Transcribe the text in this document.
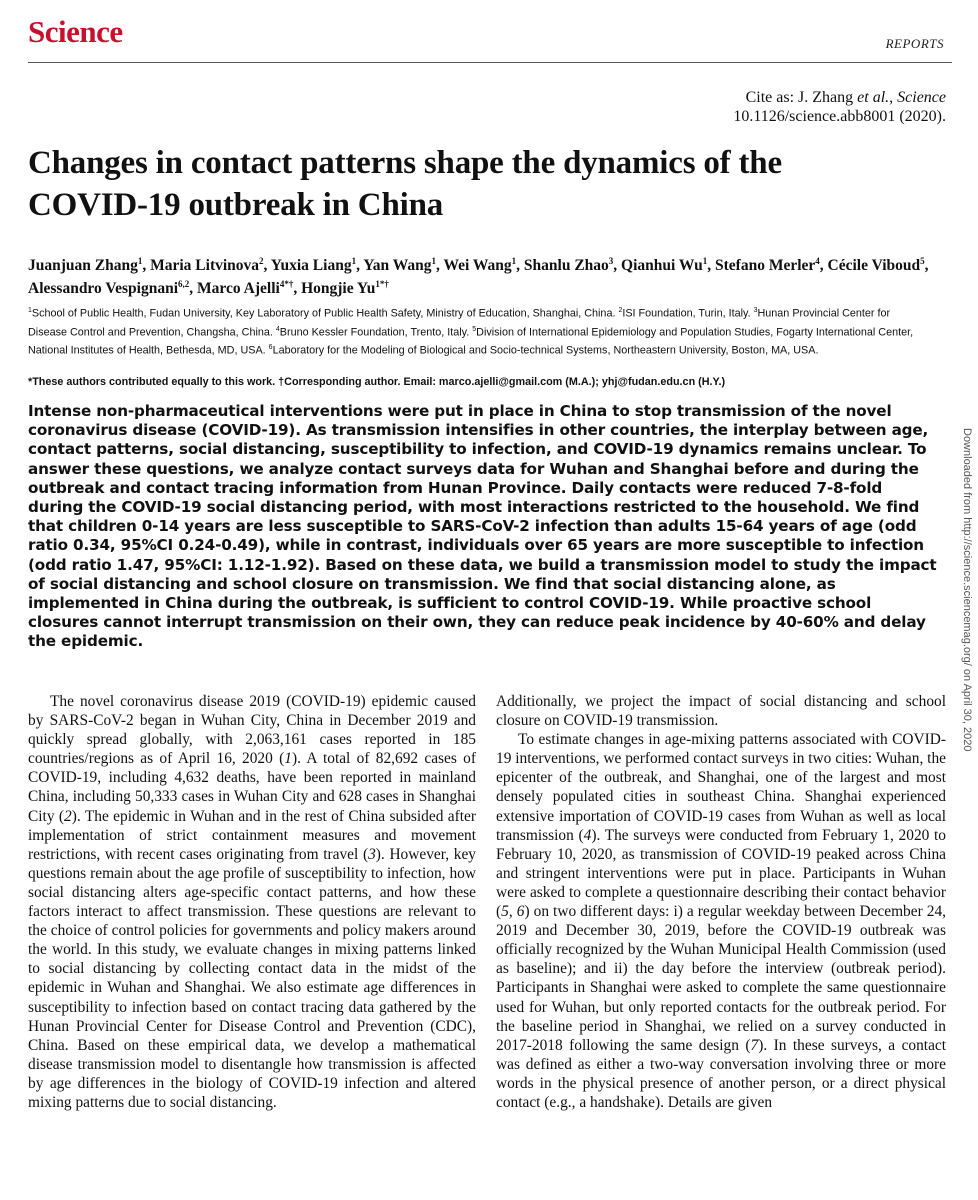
Science	REPORTS
Cite as: J. Zhang et al., Science
10.1126/science.abb8001 (2020).
Changes in contact patterns shape the dynamics of the
COVID-19 outbreak in China

Juanjuan Zhang$^1$, Maria Litvinova$^2$, Yuxia Liang$^1$, Yan Wang$^1$, Wei Wang$^1$, Shanlu Zhao$^3$, Qianhui Wu$^1$, Stefano Merler$^4$, Cécile Viboud$^5$, Alessandro Vespignani$^{6,2}$, Marco Ajelli$^{4*\dagger}$, Hongjie $Yu^{1*\dagger}$

$^1$School of Public Health, Fudan University, Key Laboratory of Public Health Safety, Ministry of Education, Shanghai, China. $^2$ISI Foundation, Turin, Italy. $^3$Hunan Provincial Center for Disease Control and Prevention, Changsha, China. $^4$Bruno Kessler Foundation, Trento, Italy. $^5$Division of International Epidemiology and Population Studies, Fogarty International Center, National Institutes of Health, Bethesda, MD, USA. $^6$Laboratory for the Modeling of Biological and Socio-technical Systems, Northeastern University, Boston, MA, USA.

*These authors contributed equally to this work. †Corresponding author. Email: marco.ajelli@gmail.com (M.A.); yhj@fudan.edu.cn (H.Y.)

Intense non-pharmaceutical interventions were put in place in China to stop transmission of the novel coronavirus disease (COVID-19). As transmission intensifies in other countries, the interplay between age, contact patterns, social distancing, susceptibility to infection, and COVID-19 dynamics remains unclear. To answer these questions, we analyze contact surveys data for Wuhan and Shanghai before and during the outbreak and contact tracing information from Hunan Province. Daily contacts were reduced 7-8-fold during the COVID-19 social distancing period, with most interactions restricted to the household. We find that children 0-14 years are less susceptible to SARS-CoV-2 infection than adults 15-64 years of age (odd ratio 0.34, 95%CI 0.24-0.49), while in contrast, individuals over 65 years are more susceptible to infection (odd ratio 1.47, 95%CI: 1.12-1.92). Based on these data, we build a transmission model to study the impact of social distancing and school closure on transmission. We find that social distancing alone, as implemented in China during the outbreak, is sufficient to control COVID-19. While proactive school closures cannot interrupt transmission on their own, they can reduce peak incidence by 40-60% and delay the epidemic.

The novel coronavirus disease 2019 (COVID-19) epidemic caused by SARS-CoV-2 began in Wuhan City, China in December 2019 and quickly spread globally, with 2,063,161 cases reported in 185 countries/regions as of April 16, 2020 (1). A total of 82,692 cases of COVID-19, including 4,632 deaths, have been reported in mainland China, including 50,333 cases in Wuhan City and 628 cases in Shanghai City (2). The epidemic in Wuhan and in the rest of China subsided after implementation of strict containment measures and movement restrictions, with recent cases originating from travel (3). However, key questions remain about the age profile of susceptibility to infection, how social distancing alters age-specific contact patterns, and how these factors interact to affect transmission. These questions are relevant to the choice of control policies for governments and policy makers around the world. In this study, we evaluate changes in mixing patterns linked to social distancing by collecting contact data in the midst of the epidemic in Wuhan and Shanghai. We also estimate age differences in susceptibility to infection based on contact tracing data gathered by the Hunan Provincial Center for Disease Control and Prevention (CDC), China. Based on these empirical data, we develop a mathematical disease transmission model to disentangle how transmission is affected by age differences in the biology of COVID-19 infection and altered mixing patterns due to social distancing.
Additionally, we project the impact of social distancing and school closure on COVID-19 transmission.
To estimate changes in age-mixing patterns associated with COVID-19 interventions, we performed contact surveys in two cities: Wuhan, the epicenter of the outbreak, and Shanghai, one of the largest and most densely populated cities in southeast China. Shanghai experienced extensive importation of COVID-19 cases from Wuhan as well as local transmission (4). The surveys were conducted from February 1, 2020 to February 10, 2020, as transmission of COVID-19 peaked across China and stringent interventions were put in place. Participants in Wuhan were asked to complete a questionnaire describing their contact behavior (5, 6) on two different days: i) a regular weekday between December 24, 2019 and December 30, 2019, before the COVID-19 outbreak was officially recognized by the Wuhan Municipal Health Commission (used as baseline); and ii) the day before the interview (outbreak period). Participants in Shanghai were asked to complete the same questionnaire used for Wuhan, but only reported contacts for the outbreak period. For the baseline period in Shanghai, we relied on a survey conducted in 2017-2018 following the same design (7). In these surveys, a contact was defined as either a two-way conversation involving three or more words in the physical presence of another person, or a direct physical contact (e.g., a handshake). Details are given
Downloaded from http://science.sciencemag.org/ on April 30, 2020
